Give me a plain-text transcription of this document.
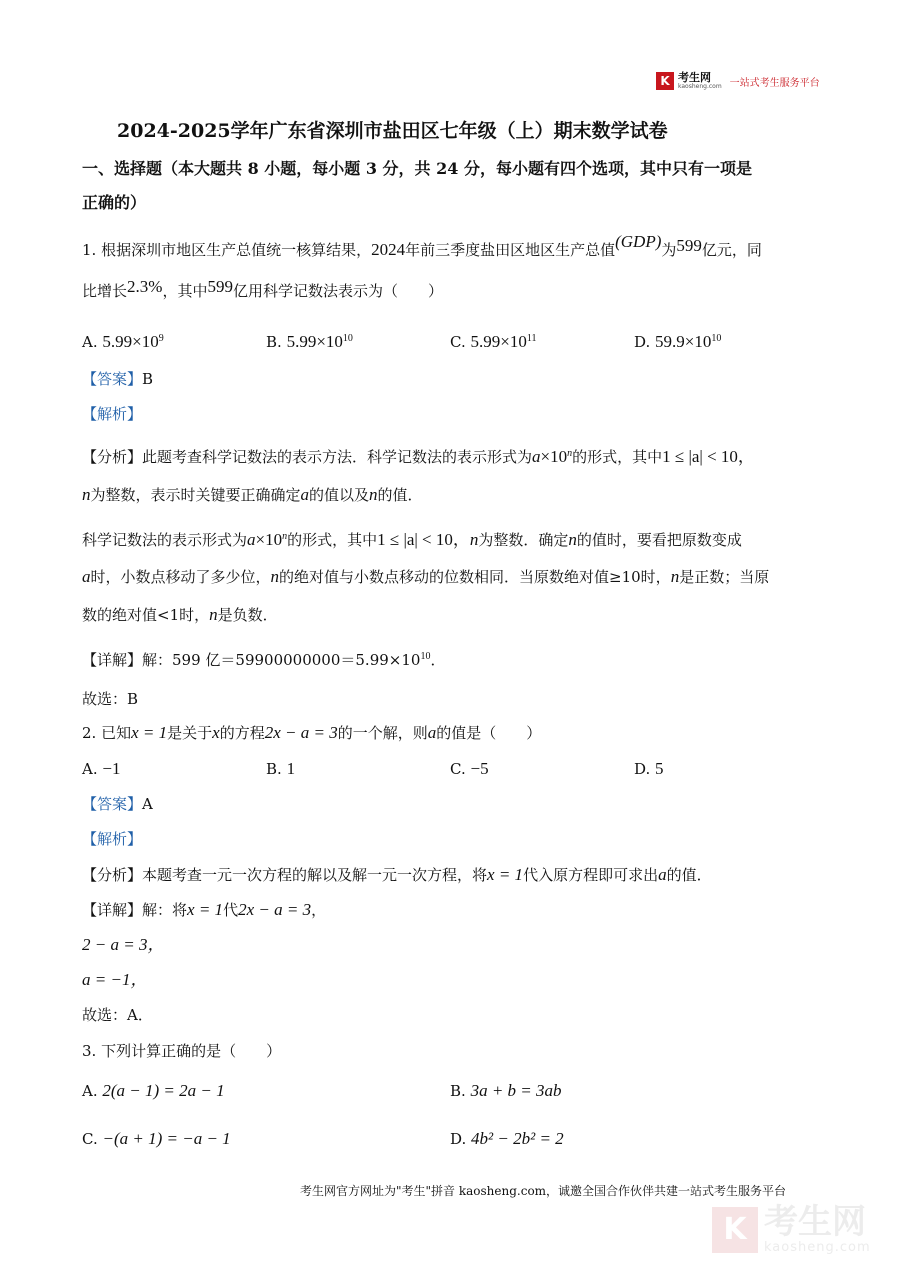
K 考生网
kaosheng.com 一站式考生服务平台
2024-2025学年广东省深圳市盐田区七年级（上）期末数学试卷
一、选择题（本大题共 8 小题，每小题 3 分，共 24 分，每小题有四个选项，其中只有一项是
正确的）
1. 根据深圳市地区生产总值统一核算结果，2024年前三季度盐田区地区生产总值(GDP)为599亿元，同
比增长2.3%，其中599亿用科学记数法表示为（　　）
A. $5.99\times 10^9$	B. $5.99\times 10^{10}$	C. $5.99\times 10^{11}$	D. $59.9\times 10^{10}$
【答案】B
【解析】
【分析】此题考查科学记数法的表示方法．科学记数法的表示形式为$a\times 10^n$的形式，其中1 ≤ |a| < 10，
n为整数，表示时关键要正确确定a的值以及n的值．
科学记数法的表示形式为$a\times 10^n$的形式，其中1 ≤ |a| < 10，n为整数．确定n的值时，要看把原数变成
a时，小数点移动了多少位，n的绝对值与小数点移动的位数相同．当原数绝对值≥10时，n是正数；当原
数的绝对值<1时，n是负数．
【详解】解：599 亿$=59900000000=5.99\times 10^{10}$．
故选：B
2. 已知x = 1是关于x的方程2x − a = 3的一个解，则a的值是（　　）
A. −1	B. 1	C. −5	D. 5
【答案】A
【解析】
【分析】本题考查一元一次方程的解以及解一元一次方程，将x = 1代入原方程即可求出a的值．
【详解】解：将x = 1代2x − a = 3，
2 − a = 3，
a = −1，
故选：A．
3. 下列计算正确的是（　　）
A. 2(a − 1) = 2a − 1	B. 3a + b = 3ab
C. −(a + 1) = −a − 1	D. 4b² − 2b² = 2
考生网官方网址为"考生"拼音 kaosheng.com，诚邀全国合作伙伴共建一站式考生服务平台
K 考生网
kaosheng.com
